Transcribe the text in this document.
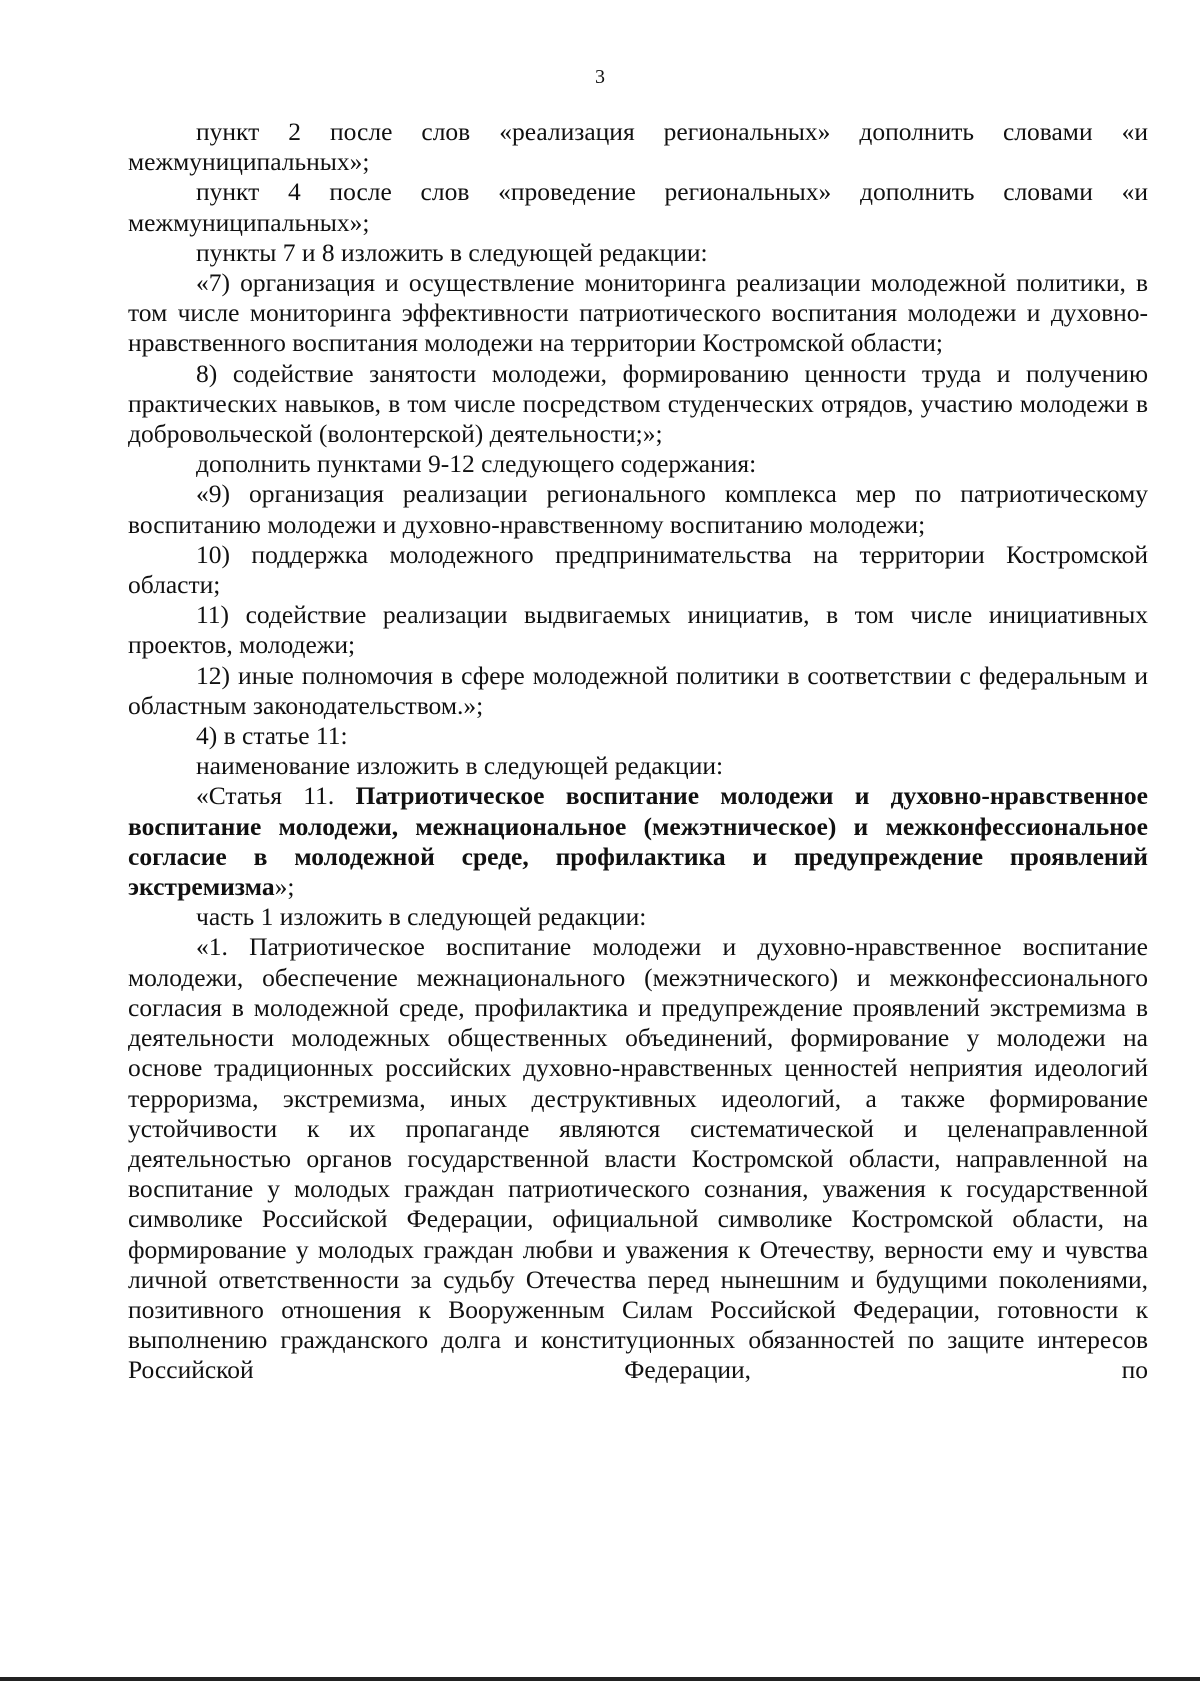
3

пункт 2 после слов «реализация региональных» дополнить словами «и межмуниципальных»;

пункт 4 после слов «проведение региональных» дополнить словами «и межмуниципальных»;

пункты 7 и 8 изложить в следующей редакции:

«7) организация и осуществление мониторинга реализации молодежной политики, в том числе мониторинга эффективности патриотического воспитания молодежи и духовно-нравственного воспитания молодежи на территории Костромской области;

8) содействие занятости молодежи, формированию ценности труда и получению практических навыков, в том числе посредством студенческих отрядов, участию молодежи в добровольческой (волонтерской) деятельности;»;

дополнить пунктами 9-12 следующего содержания:

«9) организация реализации регионального комплекса мер по патриотическому воспитанию молодежи и духовно-нравственному воспитанию молодежи;

10) поддержка молодежного предпринимательства на территории Костромской области;

11) содействие реализации выдвигаемых инициатив, в том числе инициативных проектов, молодежи;

12) иные полномочия в сфере молодежной политики в соответствии с федеральным и областным законодательством.»;

4) в статье 11:

наименование изложить в следующей редакции:

«Статья 11. Патриотическое воспитание молодежи и духовно-нравственное воспитание молодежи, межнациональное (межэтническое) и межконфессиональное согласие в молодежной среде, профилактика и предупреждение проявлений экстремизма»;

часть 1 изложить в следующей редакции:

«1. Патриотическое воспитание молодежи и духовно-нравственное воспитание молодежи, обеспечение межнационального (межэтнического) и межконфессионального согласия в молодежной среде, профилактика и предупреждение проявлений экстремизма в деятельности молодежных общественных объединений, формирование у молодежи на основе традиционных российских духовно-нравственных ценностей неприятия идеологий терроризма, экстремизма, иных деструктивных идеологий, а также формирование устойчивости к их пропаганде являются систематической и целенаправленной деятельностью органов государственной власти Костромской области, направленной на воспитание у молодых граждан патриотического сознания, уважения к государственной символике Российской Федерации, официальной символике Костромской области, на формирование у молодых граждан любви и уважения к Отечеству, верности ему и чувства личной ответственности за судьбу Отечества перед нынешним и будущими поколениями, позитивного отношения к Вооруженным Силам Российской Федерации, готовности к выполнению гражданского долга и конституционных обязанностей по защите интересов Российской Федерации, по
